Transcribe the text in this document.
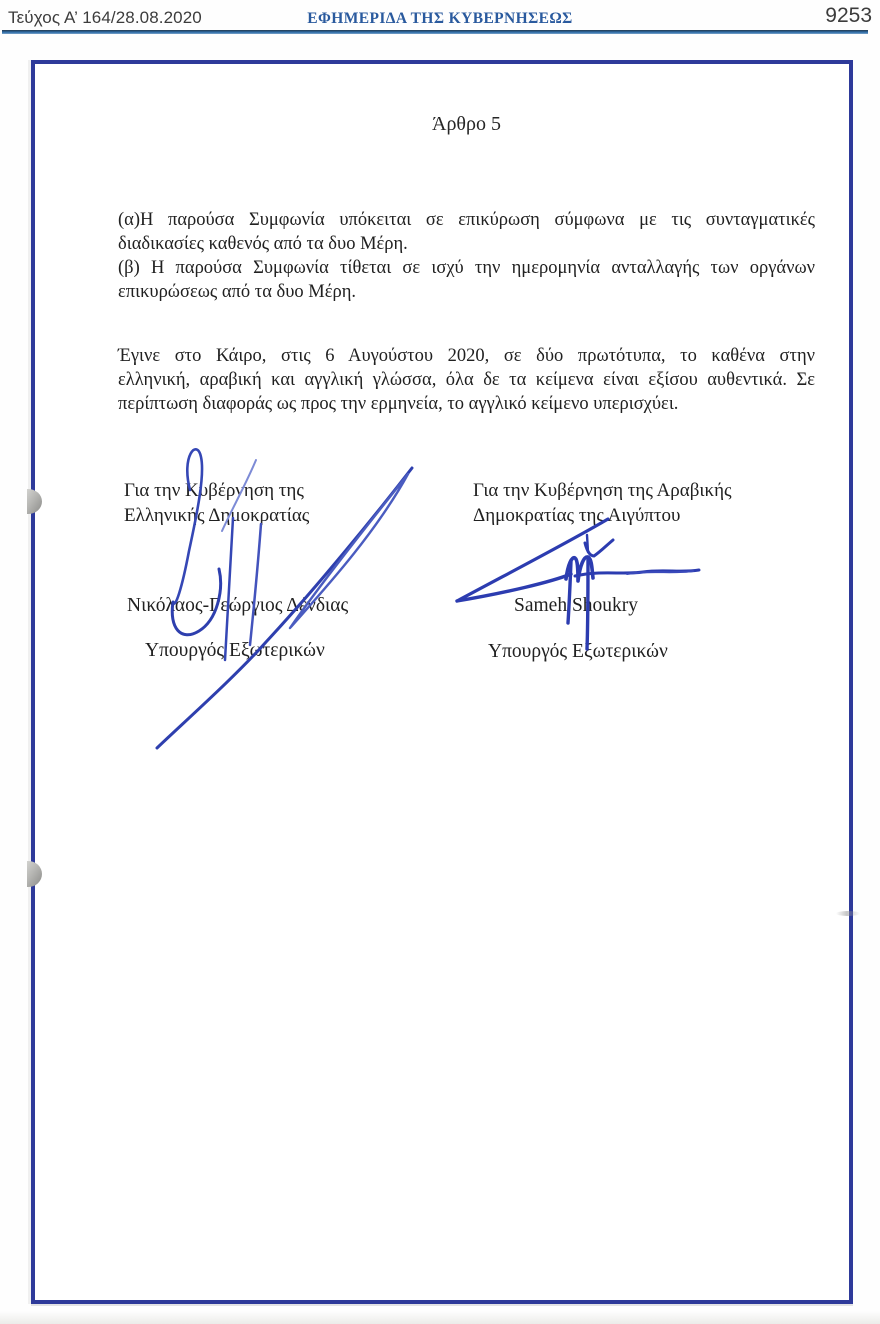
Τεύχος Α’ 164/28.08.2020	ΕΦΗΜΕΡΙΔΑ ΤΗΣ ΚΥΒΕΡΝΗΣΕΩΣ	9253
Άρθρο 5
(α)Η παρούσα Συμφωνία υπόκειται σε επικύρωση σύμφωνα με τις συνταγματικές
διαδικασίες καθενός από τα δυο Μέρη.
(β) Η παρούσα Συμφωνία τίθεται σε ισχύ την ημερομηνία ανταλλαγής των οργάνων
επικυρώσεως από τα δυο Μέρη.
Έγινε στο Κάιρο, στις 6 Αυγούστου 2020, σε δύο πρωτότυπα, το καθένα στην
ελληνική, αραβική και αγγλική γλώσσα, όλα δε τα κείμενα είναι εξίσου αυθεντικά. Σε
περίπτωση διαφοράς ως προς την ερμηνεία, το αγγλικό κείμενο υπερισχύει.
Για την Κυβέρνηση της
Ελληνικής Δημοκρατίας
Νικόλαος-Γεώργιος Δένδιας
Υπουργός Εξωτερικών
Για την Κυβέρνηση της Αραβικής
Δημοκρατίας της Αιγύπτου
Sameh Shoukry
Υπουργός Εξωτερικών
